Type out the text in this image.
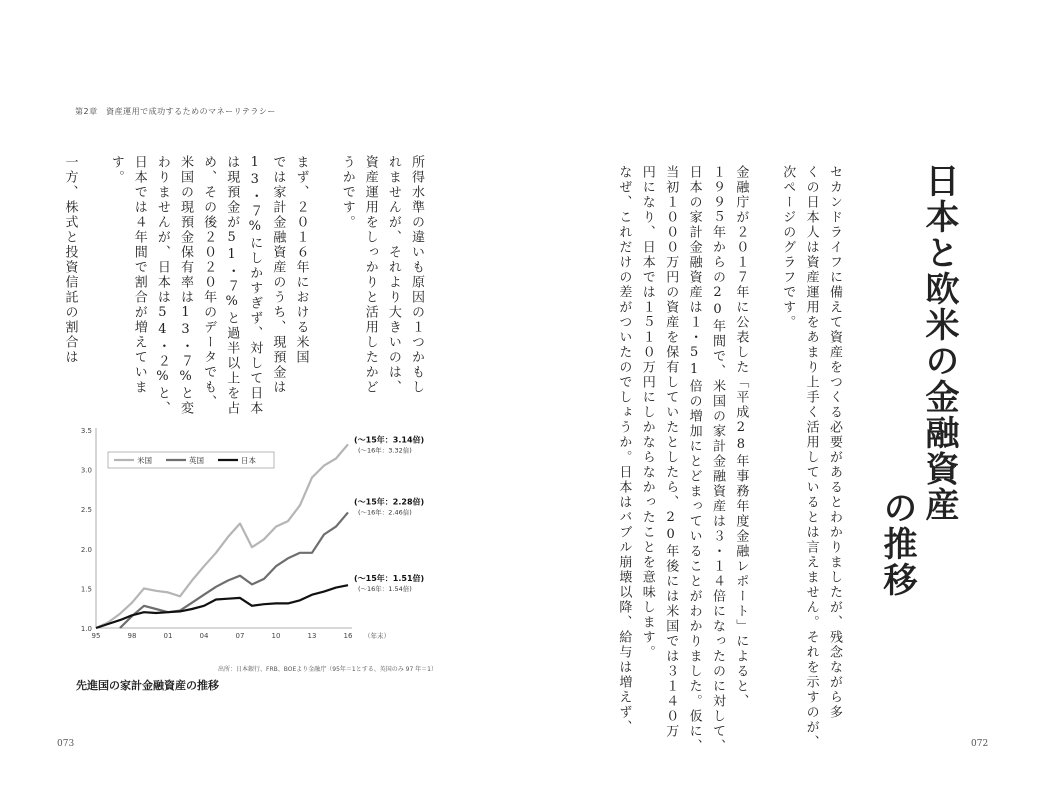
第2章　資産運用で成功するためのマネーリテラシー
073	072
日本と欧米の金融資産
の推移
セカンドライフに備えて資産をつくる必要があるとわかりましたが、残念ながら多
くの日本人は資産運用をあまり上手く活用しているとは言えません。それを示すのが、
次ページのグラフです。
金融庁が２０１７年に公表した「平成28年事務年度金融レポート」によると、
１９９５年からの20年間で、米国の家計金融資産は３・１４倍になったのに対して、
日本の家計金融資産は１・51倍の増加にとどまっていることがわかりました。仮に、
当初１０００万円の資産を保有していたとしたら、20年後には米国では３１４０万
円になり、日本では１５１０万円にしかならなかったことを意味します。
なぜ、これだけの差がついたのでしょうか。日本はバブル崩壊以降、給与は増えず、
所得水準の違いも原因の１つかもし
れませんが、それより大きいのは、
資産運用をしっかりと活用したかど
うかです。
まず、２０１６年における米国
では家計金融資産のうち、現預金は
13・７%にしかすぎず、対して日本
は現預金が51・７%と過半以上を占
め、その後２０２０年のデータでも、
米国の現預金保有率は13・７%と変
わりませんが、日本は54・２%と、
日本では４年間で割合が増えていま
す。
一方、株式と投資信託の割合は
1.0
1.5
2.0
2.5
3.0
3.5
95	98	01	04	07	10	13	16 （年末）
米国	英国	日本
(〜15年：3.14倍)
(〜16年：3.32倍)
(〜15年：2.28倍)
(〜16年：2.46倍)
(〜15年：1.51倍)
(〜16年：1.54倍)
出所：日本銀行、FRB、BOEより金融庁（95年＝1とする、英国のみ 97 年＝1）
先進国の家計金融資産の推移
